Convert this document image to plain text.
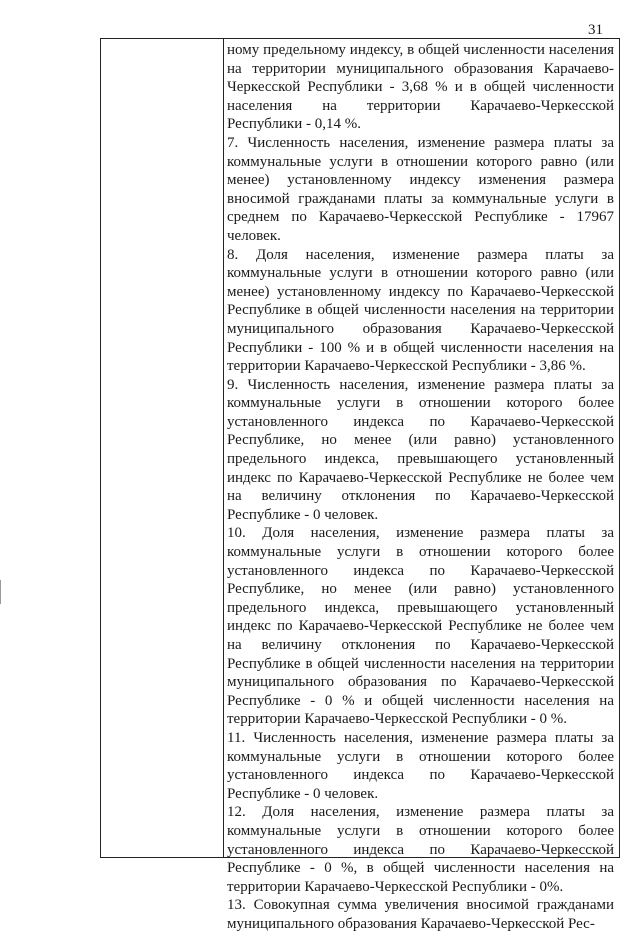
31

ному предельному индексу, в общей численности населения на территории муниципального образования Карачаево-Черкесской Республики - 3,68 % и в общей численности населения на территории Карачаево-Черкесской Республики - 0,14 %.

7. Численность населения, изменение размера платы за коммунальные услуги в отношении которого равно (или менее) установленному индексу изменения размера вносимой гражданами платы за коммунальные услуги в среднем по Карачаево-Черкесской Республике - 17967 человек.

8. Доля населения, изменение размера платы за коммунальные услуги в отношении которого равно (или менее) установленному индексу по Карачаево-Черкесской Республике в общей численности населения на территории муниципального образования Карачаево-Черкесской Республики - 100 % и в общей численности населения на территории Карачаево-Черкесской Республики - 3,86 %.

9. Численность населения, изменение размера платы за коммунальные услуги в отношении которого более установленного индекса по Карачаево-Черкесской Республике, но менее (или равно) установленного предельного индекса, превышающего установленный индекс по Карачаево-Черкесской Республике не более чем на величину отклонения по Карачаево-Черкесской Республике - 0 человек.

10. Доля населения, изменение размера платы за коммунальные услуги в отношении которого более установленного индекса по Карачаево-Черкесской Республике, но менее (или равно) установленного предельного индекса, превышающего установленный индекс по Карачаево-Черкесской Республике не более чем на величину отклонения по Карачаево-Черкесской Республике в общей численности населения на территории муниципального образования по Карачаево-Черкесской Республике - 0 % и общей численности населения на территории Карачаево-Черкесской Республики - 0 %.

11. Численность населения, изменение размера платы за коммунальные услуги в отношении которого более установленного индекса по Карачаево-Черкесской Республике - 0 человек.

12. Доля населения, изменение размера платы за коммунальные услуги в отношении которого более установленного индекса по Карачаево-Черкесской Республике - 0 %, в общей численности населения на территории Карачаево-Черкесской Республики - 0%.

13. Совокупная сумма увеличения вносимой гражданами муниципального образования Карачаево-Черкесской Рес-
